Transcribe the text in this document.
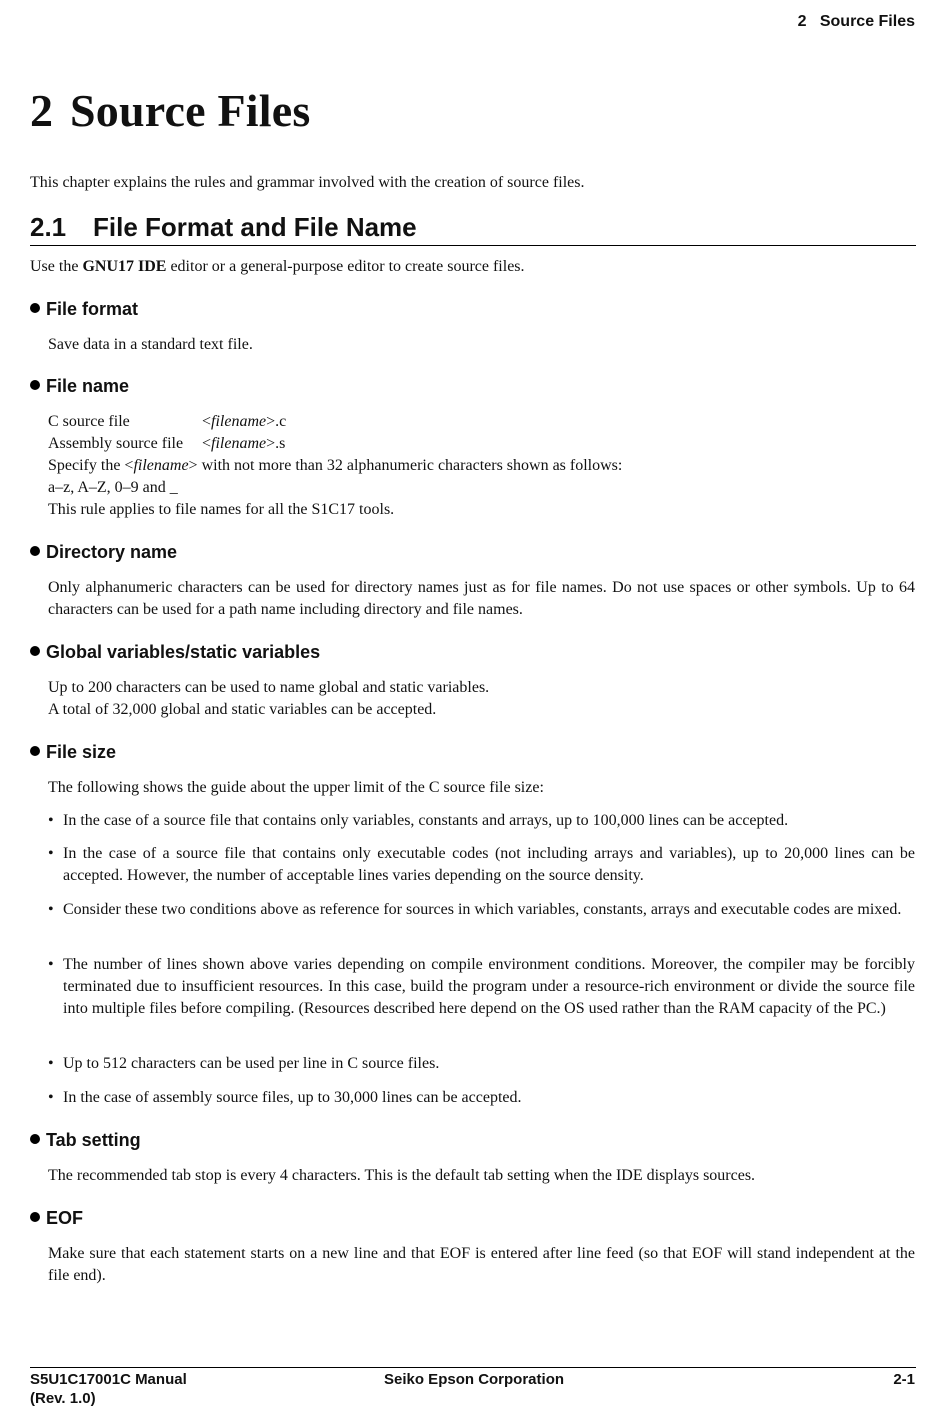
2   Source Files
2 Source Files

This chapter explains the rules and grammar involved with the creation of source files.

2.1 File Format and File Name

Use the GNU17 IDE editor or a general-purpose editor to create source files.

File format

Save data in a standard text file.

File name
C source file	<filename>.c
Assembly source file <filename>.s

Specify the <filename> with not more than 32 alphanumeric characters shown as follows:

a–z, A–Z, 0–9 and _

This rule applies to file names for all the S1C17 tools.

Directory name

Only alphanumeric characters can be used for directory names just as for file names. Do not use spaces or other symbols. Up to 64 characters can be used for a path name including directory and file names.

Global variables/static variables

Up to 200 characters can be used to name global and static variables.

A total of 32,000 global and static variables can be accepted.

File size

The following shows the guide about the upper limit of the C source file size:

• In the case of a source file that contains only variables, constants and arrays, up to 100,000 lines can be accepted.
• In the case of a source file that contains only executable codes (not including arrays and variables), up to 20,000 lines can be accepted. However, the number of acceptable lines varies depending on the source density.
• Consider these two conditions above as reference for sources in which variables, constants, arrays and executable codes are mixed.
• The number of lines shown above varies depending on compile environment conditions. Moreover, the compiler may be forcibly terminated due to insufficient resources. In this case, build the program under a resource-rich environment or divide the source file into multiple files before compiling. (Resources described here depend on the OS used rather than the RAM capacity of the PC.)
• Up to 512 characters can be used per line in C source files.
• In the case of assembly source files, up to 30,000 lines can be accepted.
Tab setting

The recommended tab stop is every 4 characters. This is the default tab setting when the IDE displays sources.

EOF

Make sure that each statement starts on a new line and that EOF is entered after line feed (so that EOF will stand independent at the file end).

S5U1C17001C Manual
(Rev. 1.0)
Seiko Epson Corporation	2-1
